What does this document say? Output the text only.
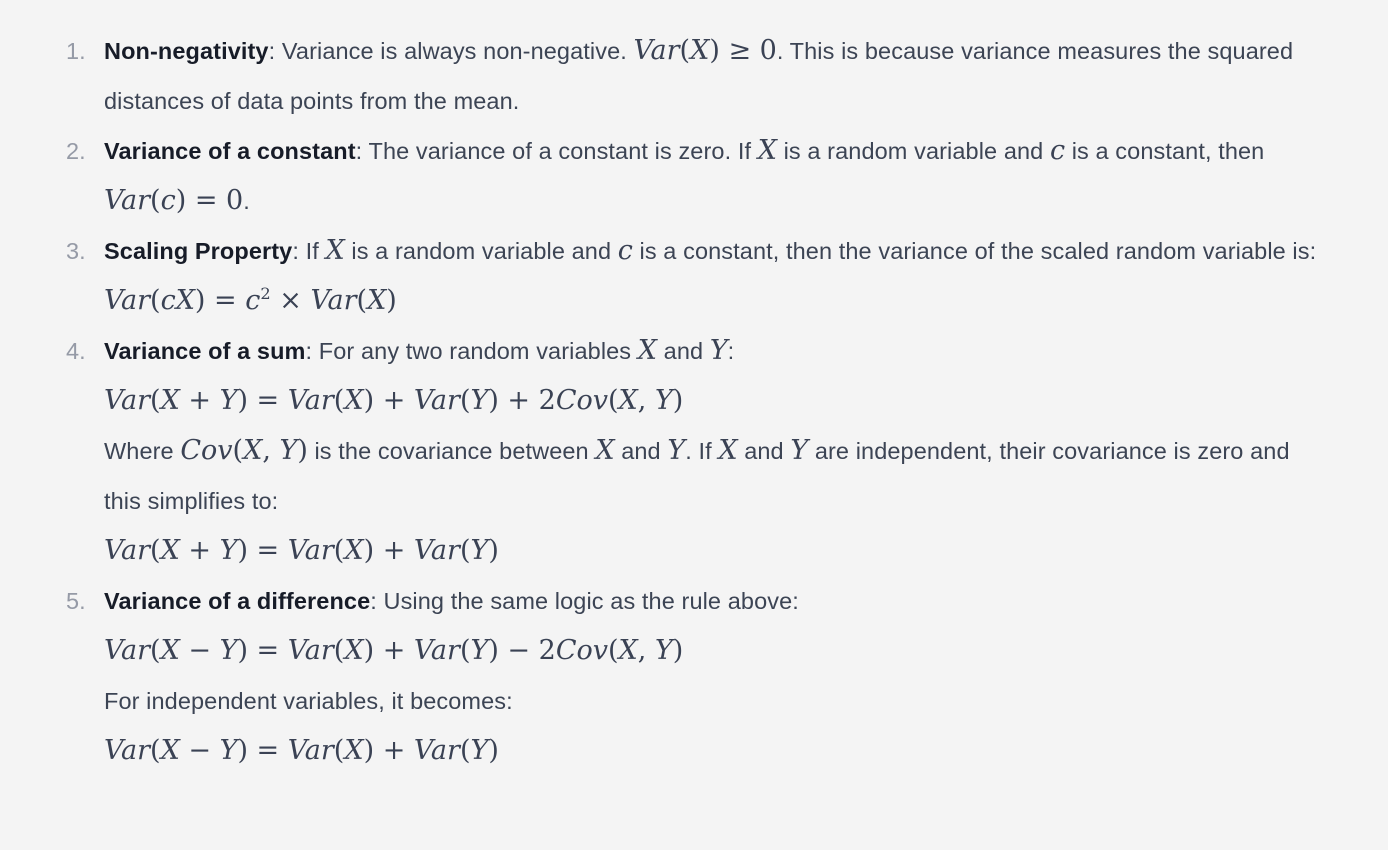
1. Non-negativity: Variance is always non-negative. Var(X) ≥ 0. This is because variance measures the squared distances of data points from the mean.

2. Variance of a constant: The variance of a constant is zero. If X is a random variable and c is a constant, then Var(c) = 0.

3. Scaling Property: If X is a random variable and c is a constant, then the variance of the scaled random variable is:

$Var(cX) = c^2 \times Var(X)$
4. Variance of a sum: For any two random variables X and Y:

Var(X + Y) = Var(X) + Var(Y) + 2Cov(X, Y)

Where Cov(X, Y) is the covariance between X and Y. If X and Y are independent, their covariance is zero and this simplifies to:

Var(X + Y) = Var(X) + Var(Y)
5. Variance of a difference: Using the same logic as the rule above:

Var(X − Y) = Var(X) + Var(Y) − 2Cov(X, Y)

For independent variables, it becomes:

Var(X − Y) = Var(X) + Var(Y)
